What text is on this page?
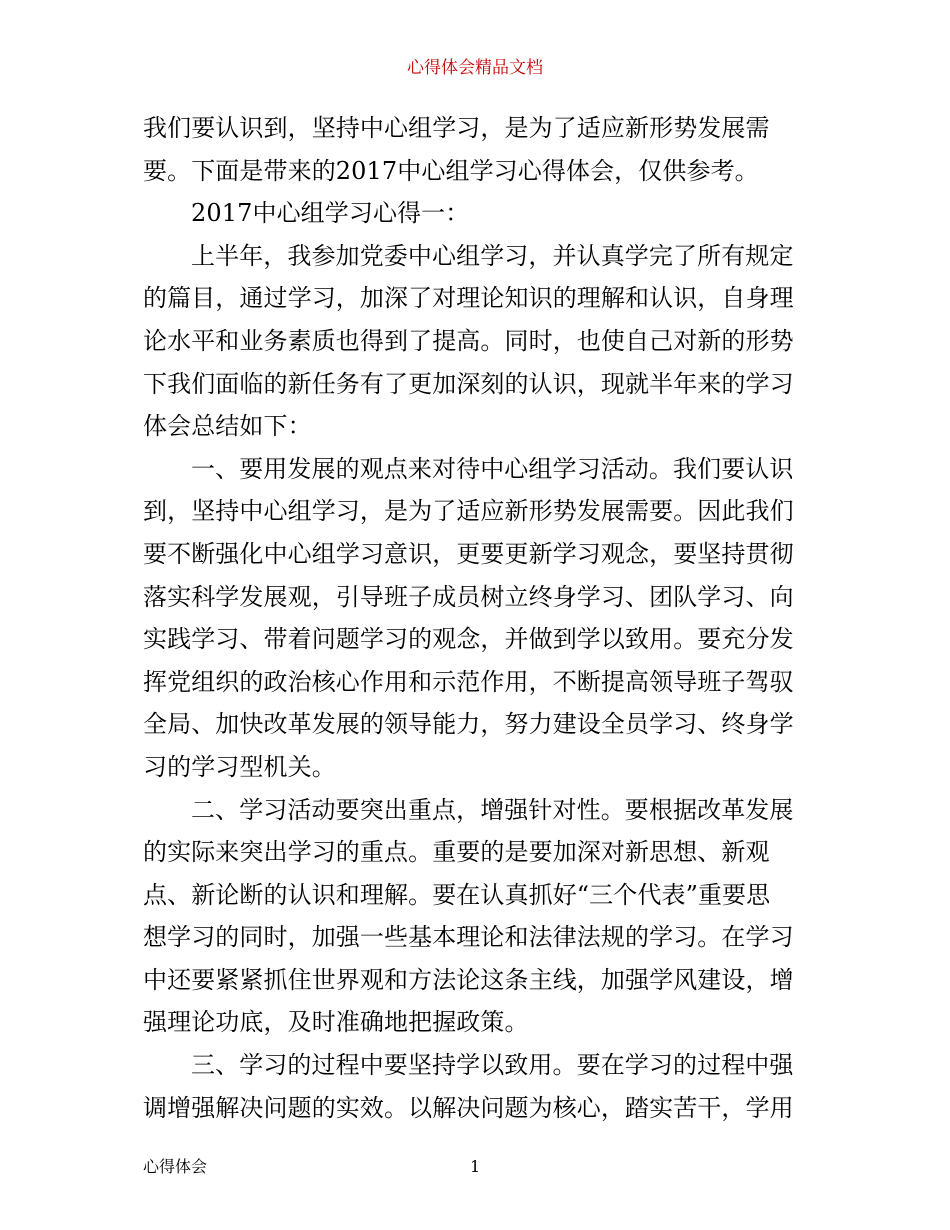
心得体会精品文档

我们要认识到，坚持中心组学习，是为了适应新形势发展需

要。下面是带来的2017中心组学习心得体会，仅供参考。

2017中心组学习心得一：

上半年，我参加党委中心组学习，并认真学完了所有规定

的篇目，通过学习，加深了对理论知识的理解和认识，自身理

论水平和业务素质也得到了提高。同时，也使自己对新的形势

下我们面临的新任务有了更加深刻的认识，现就半年来的学习

体会总结如下：

一、要用发展的观点来对待中心组学习活动。我们要认识

到，坚持中心组学习，是为了适应新形势发展需要。因此我们

要不断强化中心组学习意识，更要更新学习观念，要坚持贯彻

落实科学发展观，引导班子成员树立终身学习、团队学习、向

实践学习、带着问题学习的观念，并做到学以致用。要充分发

挥党组织的政治核心作用和示范作用，不断提高领导班子驾驭

全局、加快改革发展的领导能力，努力建设全员学习、终身学

习的学习型机关。

二、学习活动要突出重点，增强针对性。要根据改革发展

的实际来突出学习的重点。重要的是要加深对新思想、新观

点、新论断的认识和理解。要在认真抓好“三个代表”重要思

想学习的同时，加强一些基本理论和法律法规的学习。在学习

中还要紧紧抓住世界观和方法论这条主线，加强学风建设，增

强理论功底，及时准确地把握政策。

三、学习的过程中要坚持学以致用。要在学习的过程中强

调增强解决问题的实效。以解决问题为核心，踏实苦干，学用

心得体会	1
